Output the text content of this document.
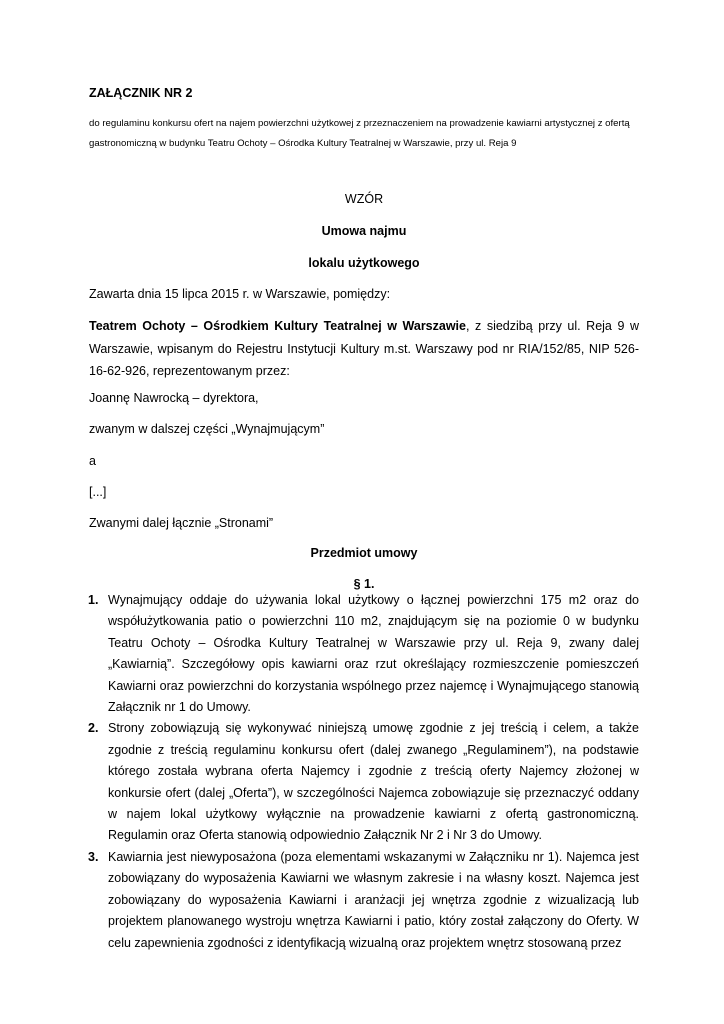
ZAŁĄCZNIK NR 2
do regulaminu konkursu ofert na najem powierzchni użytkowej z przeznaczeniem na prowadzenie kawiarni artystycznej z ofertą gastronomiczną w budynku Teatru Ochoty – Ośrodka Kultury Teatralnej w Warszawie, przy ul. Reja 9
WZÓR
Umowa najmu
lokalu użytkowego
Zawarta dnia 15 lipca 2015 r. w Warszawie, pomiędzy:
Teatrem Ochoty – Ośrodkiem Kultury Teatralnej w Warszawie, z siedzibą przy ul. Reja 9 w Warszawie, wpisanym do Rejestru Instytucji Kultury m.st. Warszawy pod nr RIA/152/85, NIP 526-16-62-926, reprezentowanym przez:
Joannę Nawrocką – dyrektora,
zwanym w dalszej części „Wynajmującym”
a
[...]
Zwanymi dalej łącznie „Stronami”
Przedmiot umowy
§ 1.
1. Wynajmujący oddaje do używania lokal użytkowy o łącznej powierzchni 175 m2 oraz do współużytkowania patio o powierzchni 110 m2, znajdującym się na poziomie 0 w budynku Teatru Ochoty – Ośrodka Kultury Teatralnej w Warszawie przy ul. Reja 9, zwany dalej „Kawiarnią”. Szczegółowy opis kawiarni oraz rzut określający rozmieszczenie pomieszczeń Kawiarni oraz powierzchni do korzystania wspólnego przez najemcę i Wynajmującego stanowią Załącznik nr 1 do Umowy.
2. Strony zobowiązują się wykonywać niniejszą umowę zgodnie z jej treścią i celem, a także zgodnie z treścią regulaminu konkursu ofert (dalej zwanego „Regulaminem”), na podstawie którego została wybrana oferta Najemcy i zgodnie z treścią oferty Najemcy złożonej w konkursie ofert (dalej „Oferta”), w szczególności Najemca zobowiązuje się przeznaczyć oddany w najem lokal użytkowy wyłącznie na prowadzenie kawiarni z ofertą gastronomiczną. Regulamin oraz Oferta stanowią odpowiednio Załącznik Nr 2 i Nr 3 do Umowy.
3. Kawiarnia jest niewyposażona (poza elementami wskazanymi w Załączniku nr 1). Najemca jest zobowiązany do wyposażenia Kawiarni we własnym zakresie i na własny koszt. Najemca jest zobowiązany do wyposażenia Kawiarni i aranżacji jej wnętrza zgodnie z wizualizacją lub projektem planowanego wystroju wnętrza Kawiarni i patio, który został załączony do Oferty. W celu zapewnienia zgodności z identyfikacją wizualną oraz projektem wnętrz stosowaną przez
